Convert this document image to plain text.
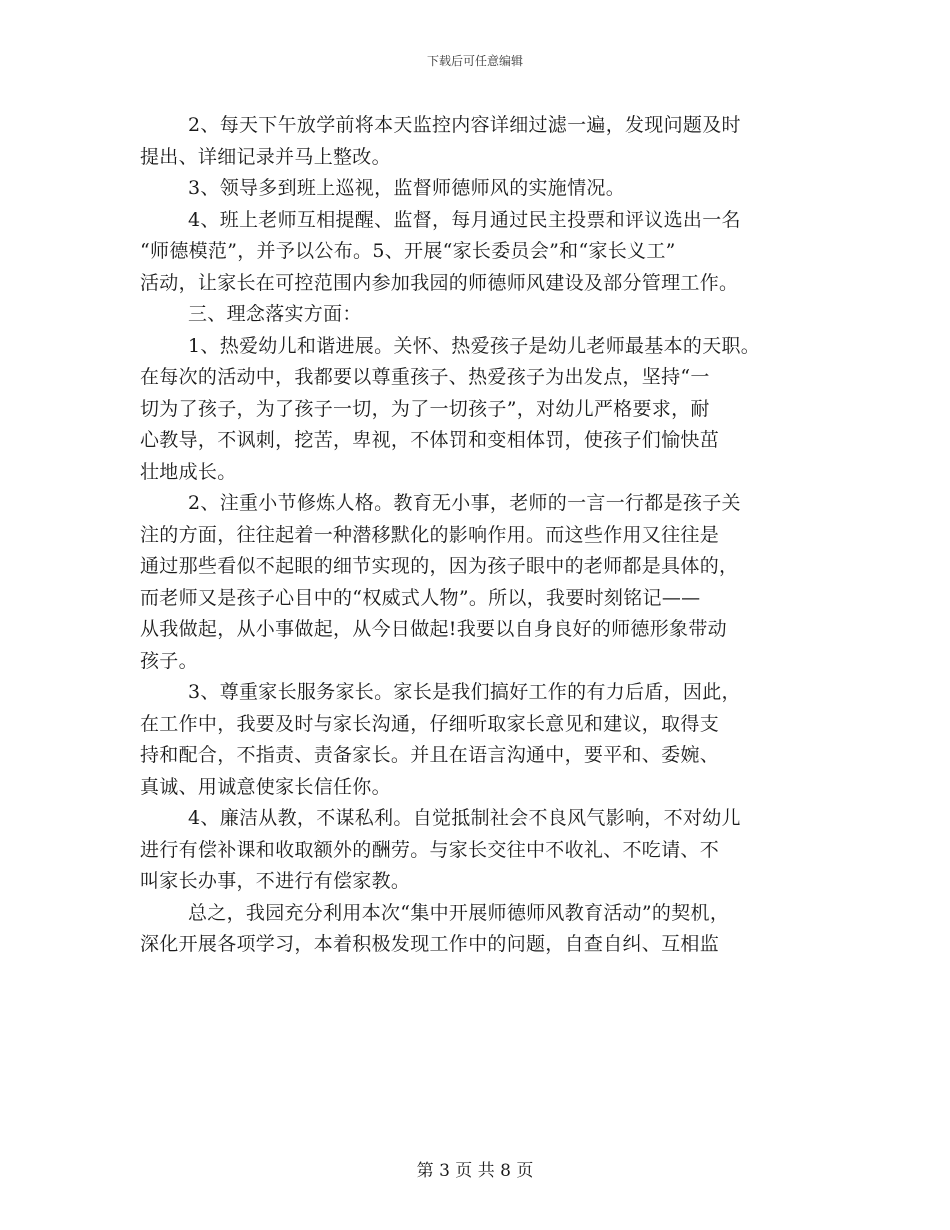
下载后可任意编辑
2、每天下午放学前将本天监控内容详细过滤一遍，发现问题及时
提出、详细记录并马上整改。
3、领导多到班上巡视，监督师德师风的实施情况。
4、班上老师互相提醒、监督，每月通过民主投票和评议选出一名
“师德模范”，并予以公布。5、开展“家长委员会”和“家长义工”
活动，让家长在可控范围内参加我园的师德师风建设及部分管理工作。
三、理念落实方面：
1、热爱幼儿和谐进展。关怀、热爱孩子是幼儿老师最基本的天职。
在每次的活动中，我都要以尊重孩子、热爱孩子为出发点，坚持“一
切为了孩子，为了孩子一切，为了一切孩子”，对幼儿严格要求，耐
心教导，不讽刺，挖苦，卑视，不体罚和变相体罚，使孩子们愉快茁
壮地成长。
2、注重小节修炼人格。教育无小事，老师的一言一行都是孩子关
注的方面，往往起着一种潜移默化的影响作用。而这些作用又往往是
通过那些看似不起眼的细节实现的，因为孩子眼中的老师都是具体的，
而老师又是孩子心目中的“权威式人物”。所以，我要时刻铭记——
从我做起，从小事做起，从今日做起!我要以自身良好的师德形象带动
孩子。
3、尊重家长服务家长。家长是我们搞好工作的有力后盾，因此，
在工作中，我要及时与家长沟通，仔细听取家长意见和建议，取得支
持和配合，不指责、责备家长。并且在语言沟通中，要平和、委婉、
真诚、用诚意使家长信任你。
4、廉洁从教，不谋私利。自觉抵制社会不良风气影响，不对幼儿
进行有偿补课和收取额外的酬劳。与家长交往中不收礼、不吃请、不
叫家长办事，不进行有偿家教。
总之，我园充分利用本次“集中开展师德师风教育活动”的契机，
深化开展各项学习，本着积极发现工作中的问题，自查自纠、互相监
第 3 页 共 8 页
